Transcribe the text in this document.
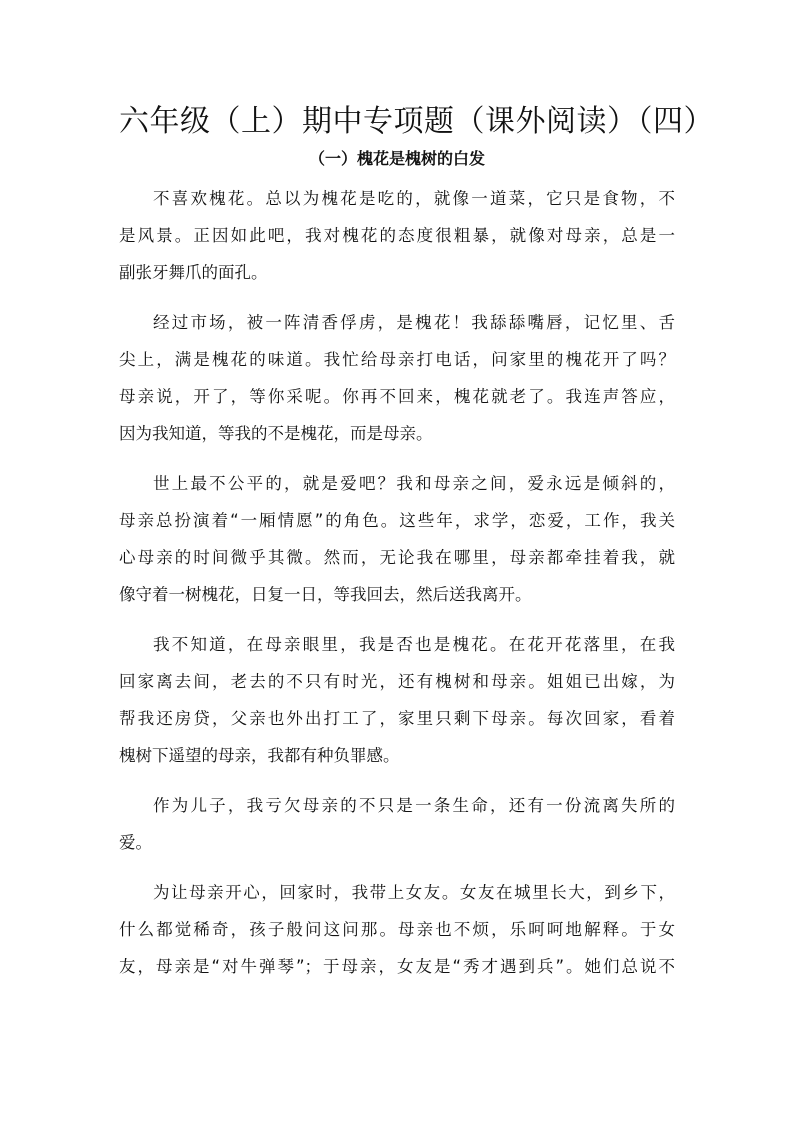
六年级（上）期中专项题（课外阅读）（四）
（一）槐花是槐树的白发

不喜欢槐花。总以为槐花是吃的，就像一道菜，它只是食物，不
是风景。正因如此吧，我对槐花的态度很粗暴，就像对母亲，总是一
副张牙舞爪的面孔。

经过市场，被一阵清香俘虏，是槐花！我舔舔嘴唇，记忆里、舌
尖上，满是槐花的味道。我忙给母亲打电话，问家里的槐花开了吗？
母亲说，开了，等你采呢。你再不回来，槐花就老了。我连声答应，
因为我知道，等我的不是槐花，而是母亲。

世上最不公平的，就是爱吧？我和母亲之间，爱永远是倾斜的，
母亲总扮演着“一厢情愿”的角色。这些年，求学，恋爱，工作，我关
心母亲的时间微乎其微。然而，无论我在哪里，母亲都牵挂着我，就
像守着一树槐花，日复一日，等我回去，然后送我离开。

我不知道，在母亲眼里，我是否也是槐花。在花开花落里，在我
回家离去间，老去的不只有时光，还有槐树和母亲。姐姐已出嫁，为
帮我还房贷，父亲也外出打工了，家里只剩下母亲。每次回家，看着
槐树下遥望的母亲，我都有种负罪感。

作为儿子，我亏欠母亲的不只是一条生命，还有一份流离失所的
爱。

为让母亲开心，回家时，我带上女友。女友在城里长大，到乡下，
什么都觉稀奇，孩子般问这问那。母亲也不烦，乐呵呵地解释。于女
友，母亲是“对牛弹琴”；于母亲，女友是“秀才遇到兵”。她们总说不
